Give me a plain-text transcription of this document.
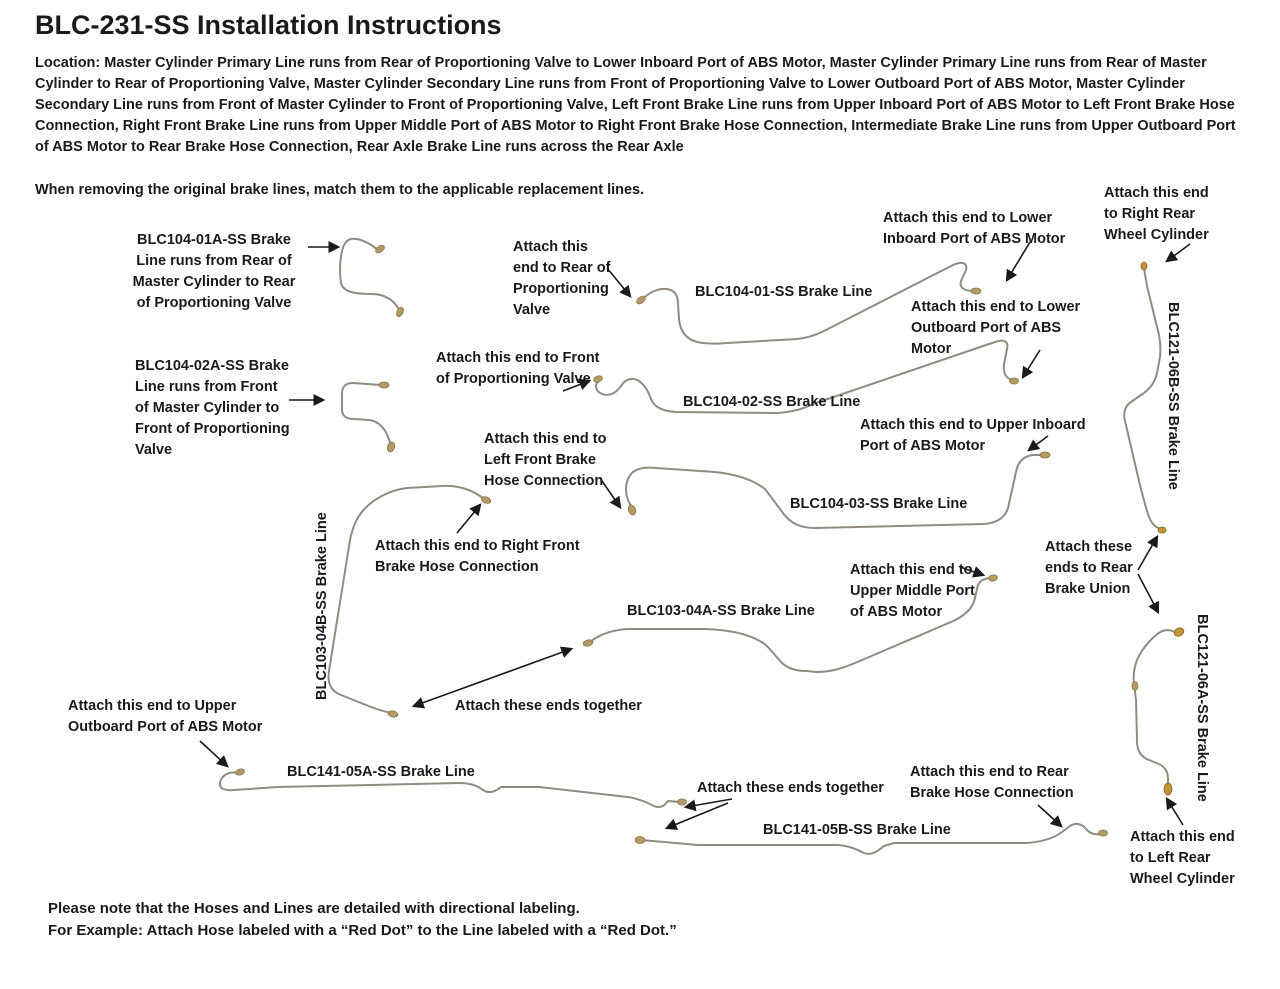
BLC-231-SS Installation Instructions

Location: Master Cylinder Primary Line runs from Rear of Proportioning Valve to Lower Inboard Port of ABS Motor, Master Cylinder Primary Line runs from Rear of Master Cylinder to Rear of Proportioning Valve, Master Cylinder Secondary Line runs from Front of Proportioning Valve to Lower Outboard Port of ABS Motor, Master Cylinder Secondary Line runs from Front of Master Cylinder to Front of Proportioning Valve, Left Front Brake Line runs from Upper Inboard Port of ABS Motor to Left Front Brake Hose Connection, Right Front Brake Line runs from Upper Middle Port of ABS Motor to Right Front Brake Hose Connection, Intermediate Brake Line runs from Upper Outboard Port of ABS Motor to Rear Brake Hose Connection, Rear Axle Brake Line runs across the Rear Axle

When removing the original brake lines, match them to the applicable replacement lines.

BLC104-01A-SS Brake Line runs from Rear of Master Cylinder to Rear of Proportioning Valve
BLC104-02A-SS Brake Line runs from Front of Master Cylinder to Front of Proportioning Valve
BLC104-01-SS Brake Line
BLC104-02-SS Brake Line
BLC104-03-SS Brake Line
BLC103-04A-SS Brake Line
BLC103-04B-SS Brake Line
BLC141-05A-SS Brake Line
BLC141-05B-SS Brake Line
BLC121-06B-SS Brake Line
BLC121-06A-SS Brake Line
Attach this end to Rear of Proportioning Valve
Attach this end to Lower Inboard Port of ABS Motor
Attach this end to Lower Outboard Port of ABS Motor
Attach this end to Right Rear Wheel Cylinder
Attach this end to Front of Proportioning Valve
Attach this end to Left Front Brake Hose Connection
Attach this end to Upper Inboard Port of ABS Motor
Attach this end to Right Front Brake Hose Connection	Attach this end to Upper Middle Port of ABS Motor
Attach these ends to Rear Brake Union
Attach these ends together
Attach this end to Upper Outboard Port of ABS Motor
Attach these ends together
Attach this end to Rear Brake Hose Connection
Attach this end to Left Rear Wheel Cylinder

Please note that the Hoses and Lines are detailed with directional labeling.

For Example: Attach Hose labeled with a “Red Dot” to the Line labeled with a “Red Dot.”
